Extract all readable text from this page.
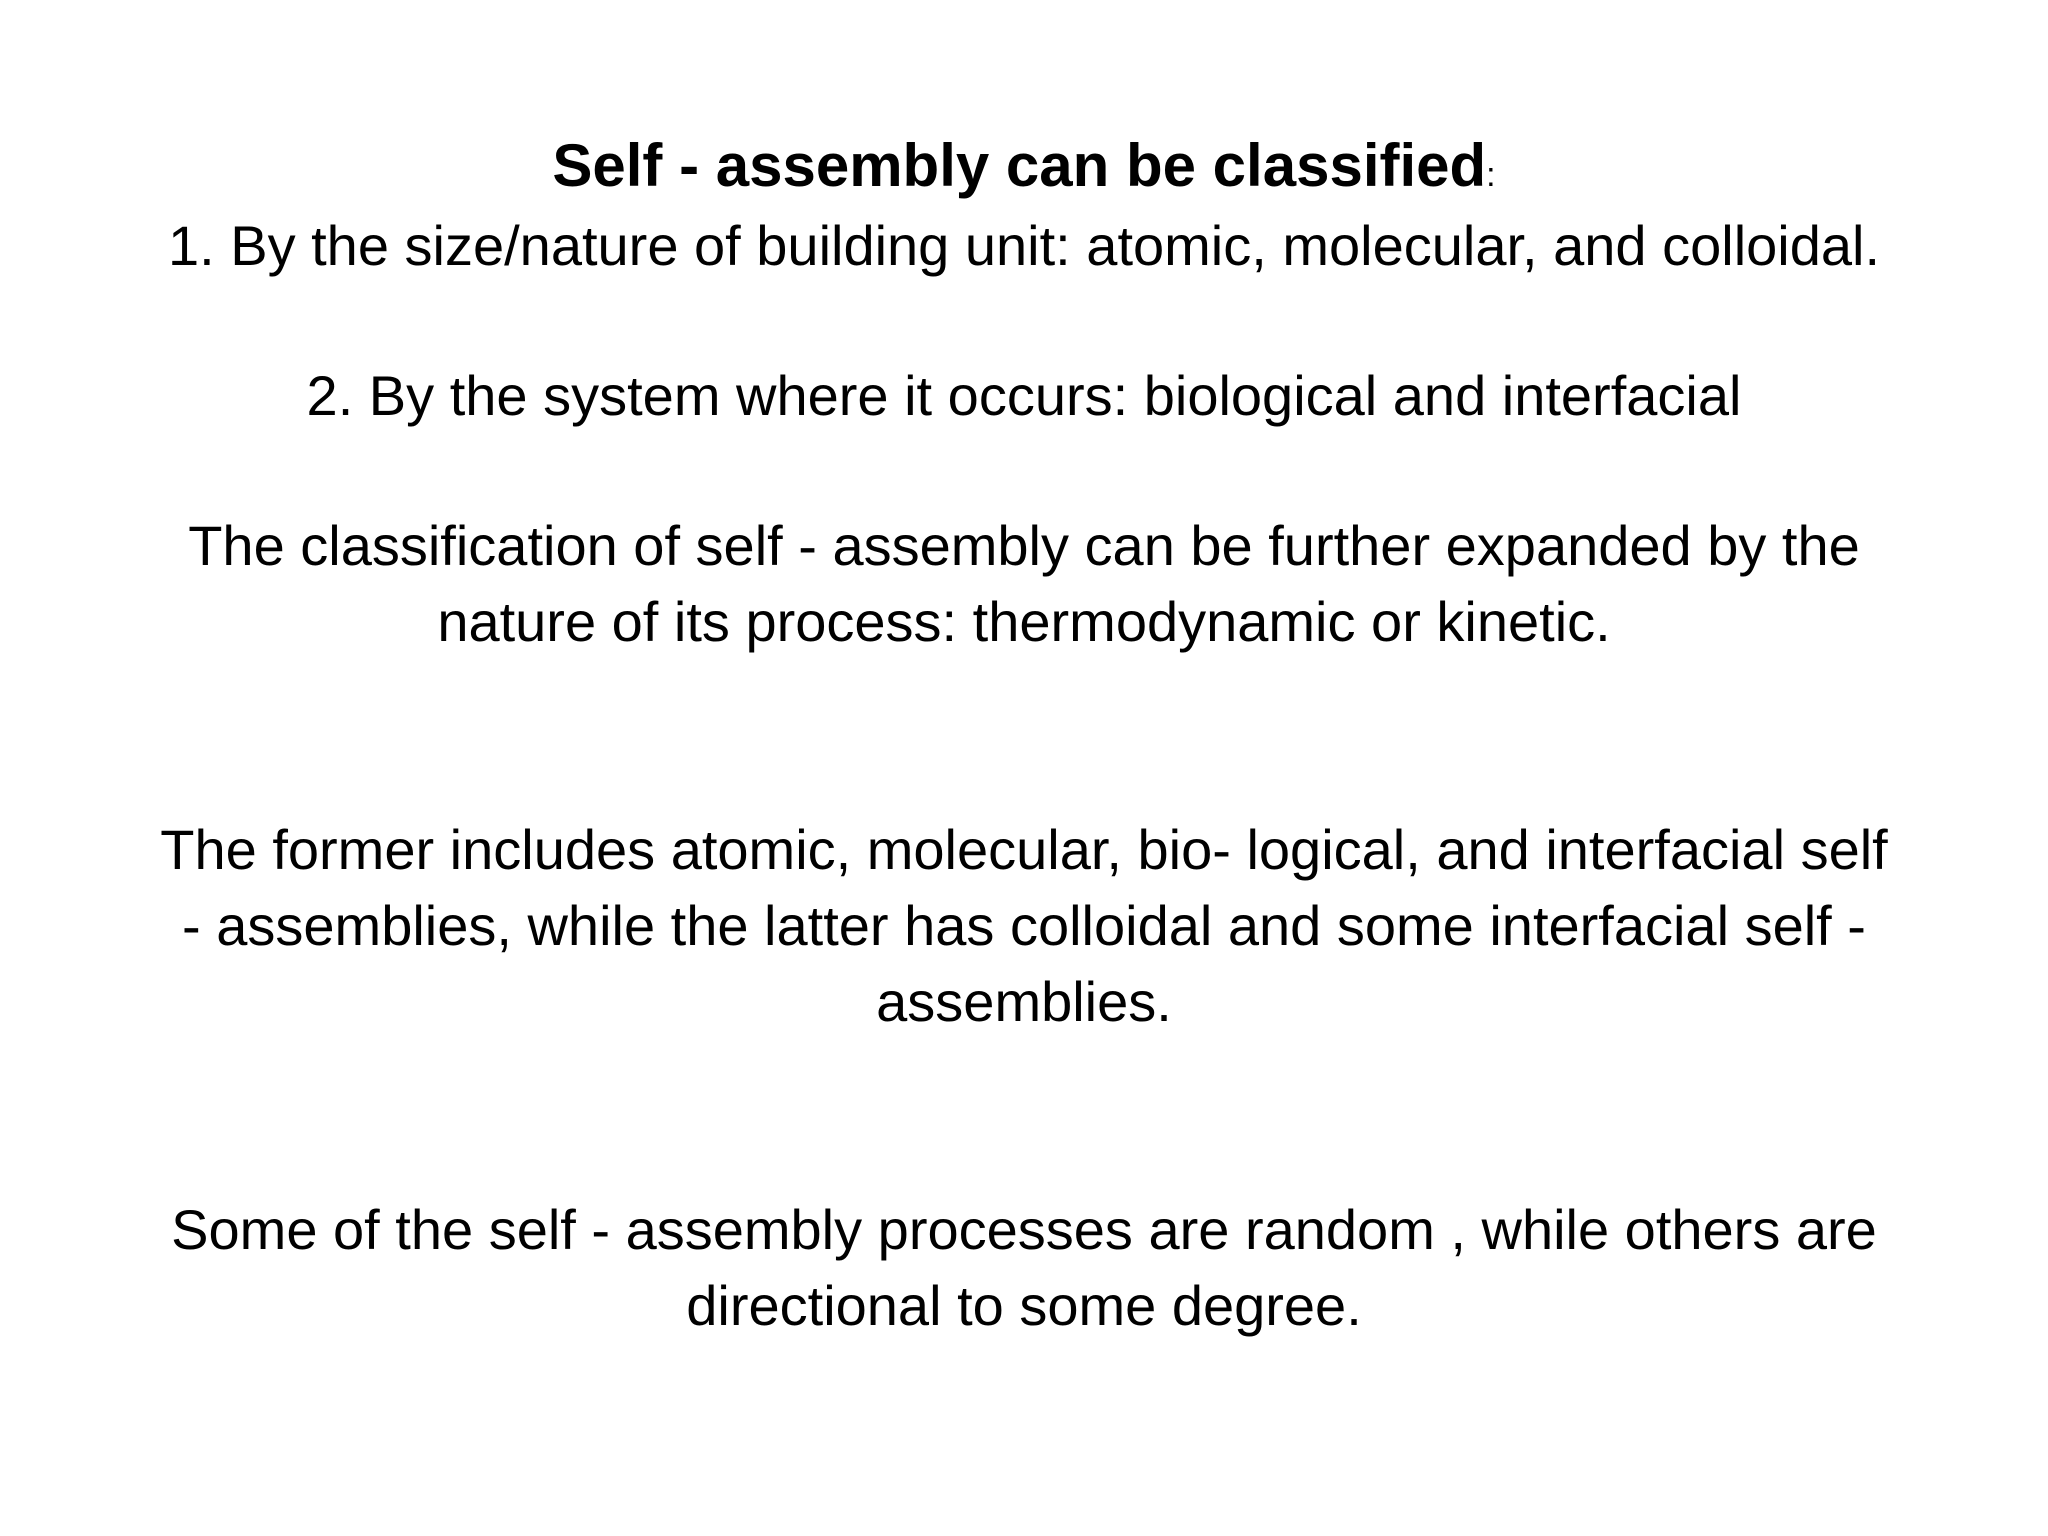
Self - assembly can be classified:
1. By the size/nature of building unit: atomic, molecular, and colloidal.
2. By the system where it occurs: biological and interfacial
The classification of self - assembly can be further expanded by the
nature of its process: thermodynamic or kinetic.
The former includes atomic, molecular, bio- logical, and interfacial self
- assemblies, while the latter has colloidal and some interfacial self -
assemblies.
Some of the self - assembly processes are random , while others are
directional to some degree.
